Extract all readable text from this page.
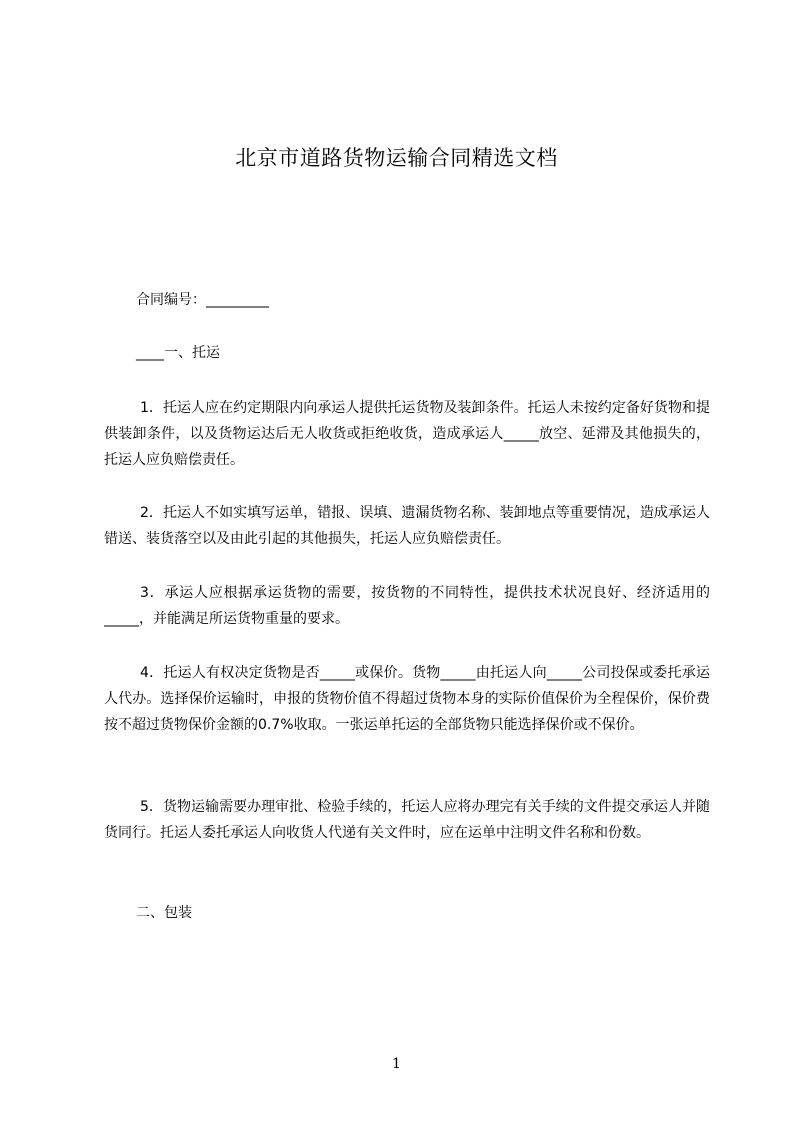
北京市道路货物运输合同精选文档
合同编号：_________
____一、托运
1．托运人应在约定期限内向承运人提供托运货物及装卸条件。托运人未按约定备好货物和提供装卸条件，以及货物运达后无人收货或拒绝收货，造成承运人_____放空、延滞及其他损失的，托运人应负赔偿责任。
2．托运人不如实填写运单，错报、误填、遗漏货物名称、装卸地点等重要情况，造成承运人错送、装货落空以及由此引起的其他损失，托运人应负赔偿责任。
3．承运人应根据承运货物的需要，按货物的不同特性，提供技术状况良好、经济适用的_____，并能满足所运货物重量的要求。
4．托运人有权决定货物是否_____或保价。货物_____由托运人向_____公司投保或委托承运人代办。选择保价运输时，申报的货物价值不得超过货物本身的实际价值保价为全程保价，保价费按不超过货物保价金额的0.7%收取。一张运单托运的全部货物只能选择保价或不保价。
5．货物运输需要办理审批、检验手续的，托运人应将办理完有关手续的文件提交承运人并随货同行。托运人委托承运人向收货人代递有关文件时，应在运单中注明文件名称和份数。
二、包装
1
